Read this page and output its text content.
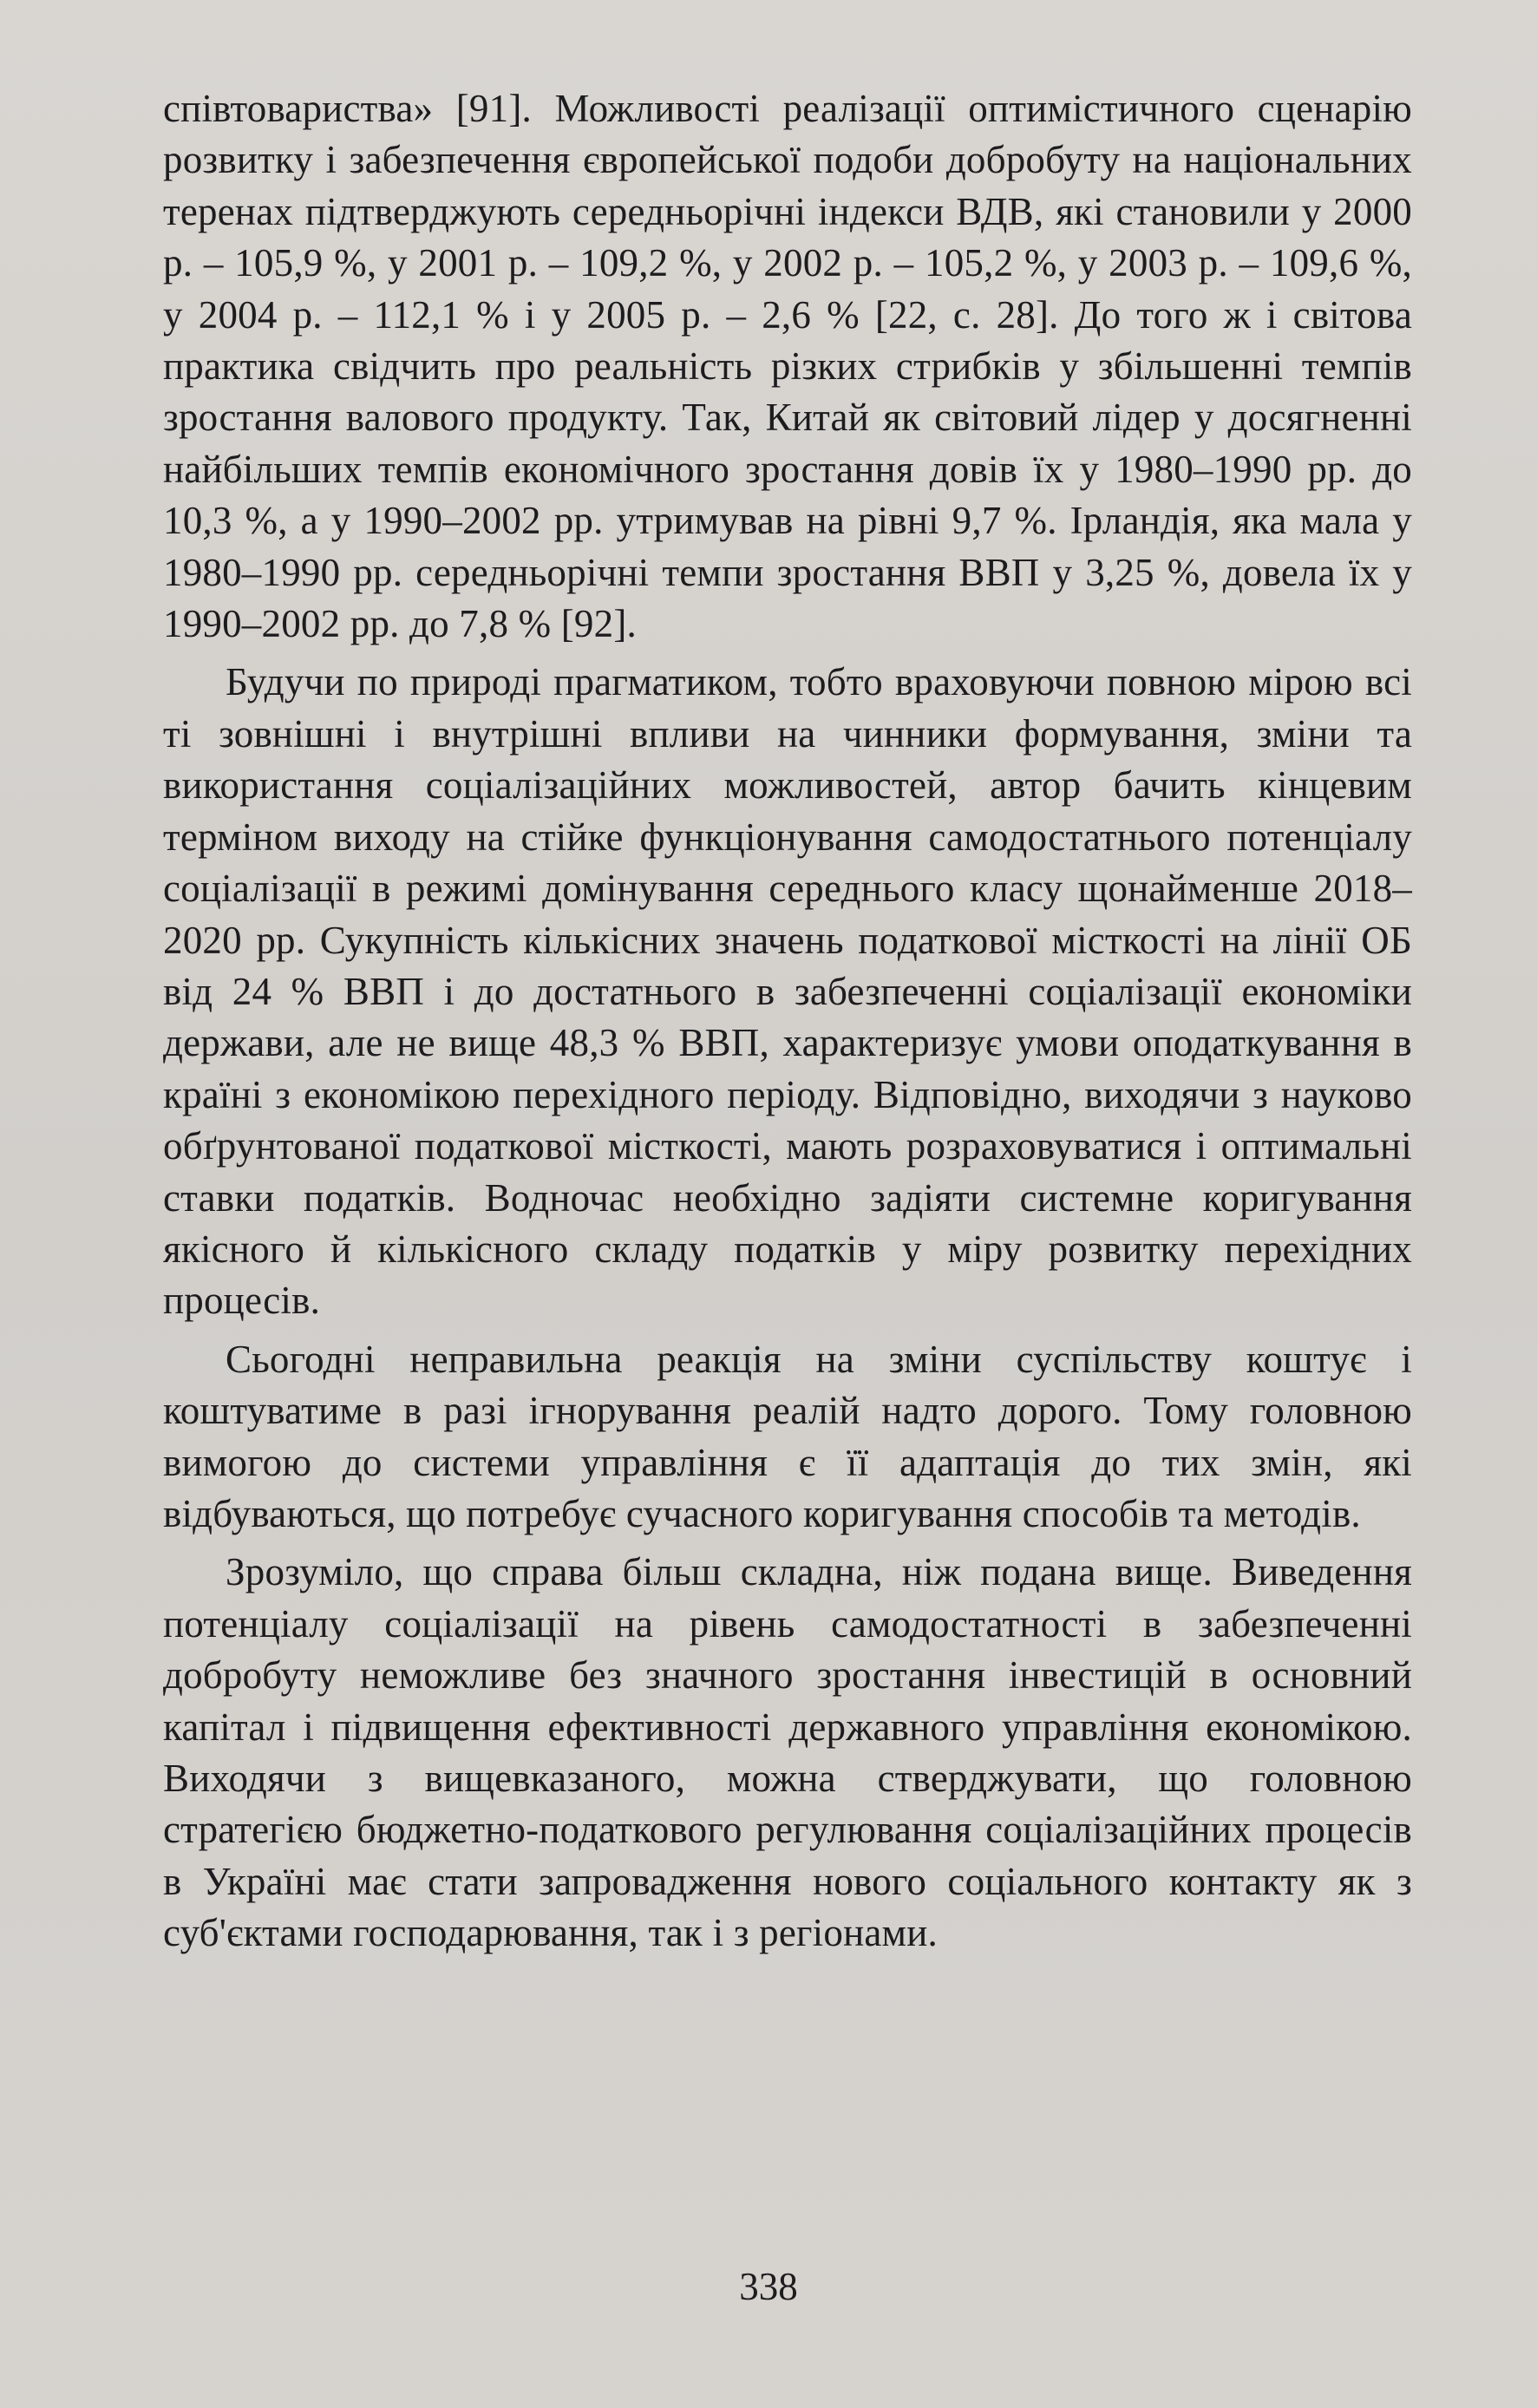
співтовариства» [91]. Можливості реалізації оптимістичного сценарію розвитку і забезпечення європейської подоби добробуту на національних теренах підтверджують середньорічні індекси ВДВ, які становили у 2000 р. – 105,9 %, у 2001 р. – 109,2 %, у 2002 р. – 105,2 %, у 2003 р. – 109,6 %, у 2004 р. – 112,1 % і у 2005 р. – 2,6 % [22, с. 28]. До того ж і світова практика свідчить про реальність різких стрибків у збільшенні темпів зростання валового продукту. Так, Китай як світовий лідер у досягненні найбільших темпів економічного зростання довів їх у 1980–1990 рр. до 10,3 %, а у 1990–2002 рр. утримував на рівні 9,7 %. Ірландія, яка мала у 1980–1990 рр. середньорічні темпи зростання ВВП у 3,25 %, довела їх у 1990–2002 рр. до 7,8 % [92].

Будучи по природі прагматиком, тобто враховуючи повною мірою всі ті зовнішні і внутрішні впливи на чинники формування, зміни та використання соціалізаційних можливостей, автор бачить кінцевим терміном виходу на стійке функціонування самодостатнього потенціалу соціалізації в режимі домінування середнього класу щонайменше 2018–2020 рр. Сукупність кількісних значень податкової місткості на лінії ОБ від 24 % ВВП і до достатнього в забезпеченні соціалізації економіки держави, але не вище 48,3 % ВВП, характеризує умови оподаткування в країні з економікою перехідного періоду. Відповідно, виходячи з науково обґрунтованої податкової місткості, мають розраховуватися і оптимальні ставки податків. Водночас необхідно задіяти системне коригування якісного й кількісного складу податків у міру розвитку перехідних процесів.

Сьогодні неправильна реакція на зміни суспільству коштує і коштуватиме в разі ігнорування реалій надто дорого. Тому головною вимогою до системи управління є її адаптація до тих змін, які відбуваються, що потребує сучасного коригування способів та методів.

Зрозуміло, що справа більш складна, ніж подана вище. Виведення потенціалу соціалізації на рівень самодостатності в забезпеченні добробуту неможливе без значного зростання інвестицій в основний капітал і підвищення ефективності державного управління економікою. Виходячи з вищевказаного, можна стверджувати, що головною стратегією бюджетно-податкового регулювання соціалізаційних процесів в Україні має стати запровадження нового соціального контакту як з суб'єктами господарювання, так і з регіонами.

338
